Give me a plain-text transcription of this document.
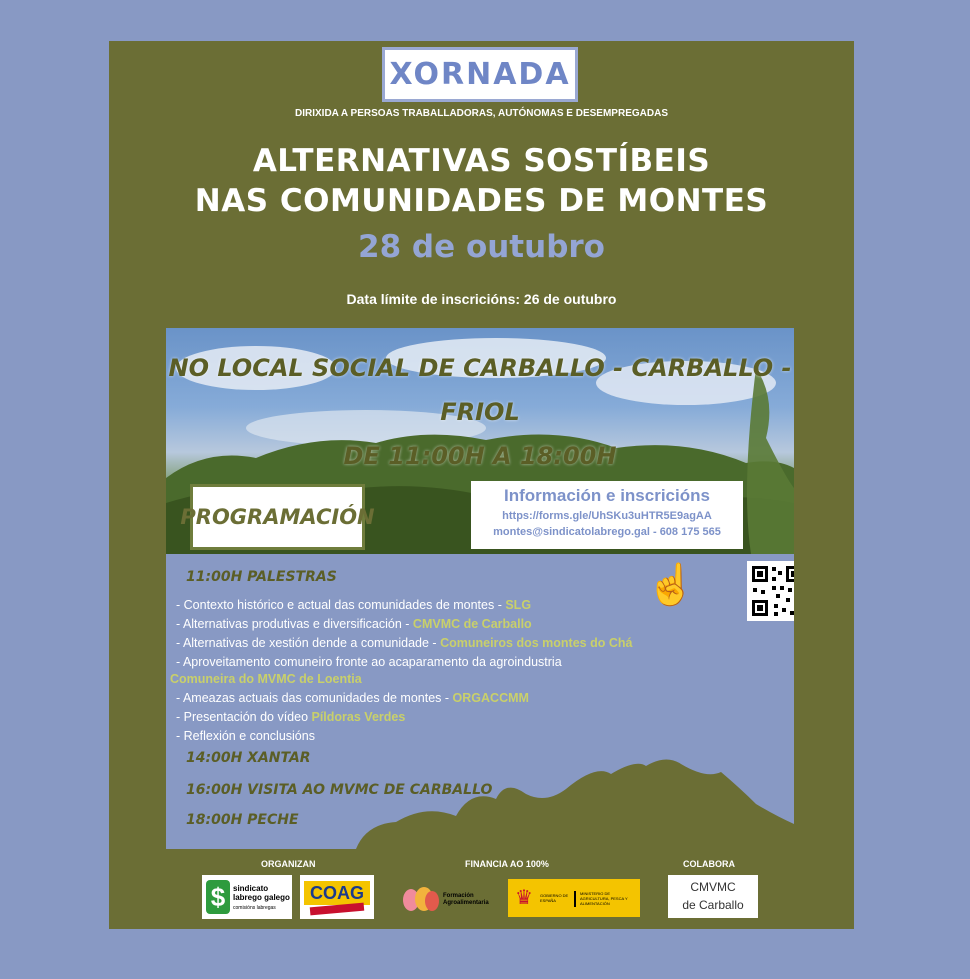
XORNADA
DIRIXIDA A PERSOAS TRABALLADORAS, AUTÓNOMAS E DESEMPREGADAS
ALTERNATIVAS SOSTÍBEIS
NAS COMUNIDADES DE MONTES
28 de outubro
Data límite de inscricións: 26 de outubro
NO LOCAL SOCIAL DE CARBALLO - CARBALLO - FRIOL
DE 11:00H A 18:00H
PROGRAMACIÓN
Información e inscricións
https://forms.gle/UhSKu3uHTR5E9agAA
montes@sindicatolabrego.gal - 608 175 565
11:00H PALESTRAS
- Contexto histórico e actual das comunidades de montes - SLG
- Alternativas produtivas e diversificación - CMVMC de Carballo
- Alternativas de xestión dende a comunidade - Comuneiros dos montes do Chá
- Aproveitamento comuneiro fronte ao acaparamento da agroindustria
Comuneira do MVMC de Loentia
- Ameazas actuais das comunidades de montes - ORGACCMM
- Presentación do vídeo Píldoras Verdes
- Reflexión e conclusións
14:00H XANTAR
16:00H VISITA AO MVMC DE CARBALLO
18:00H PECHE
☝
ORGANIZAN	FINANCIA AO 100%	COLABORA
$ sindicato labrego galego
comisións labregas
COAG	Formación Agroalimentaria	♛ GOBIERNO DE ESPAÑA
MINISTERIO DE AGRICULTURA, PESCA Y ALIMENTACIÓN
CMVMC
de Carballo
